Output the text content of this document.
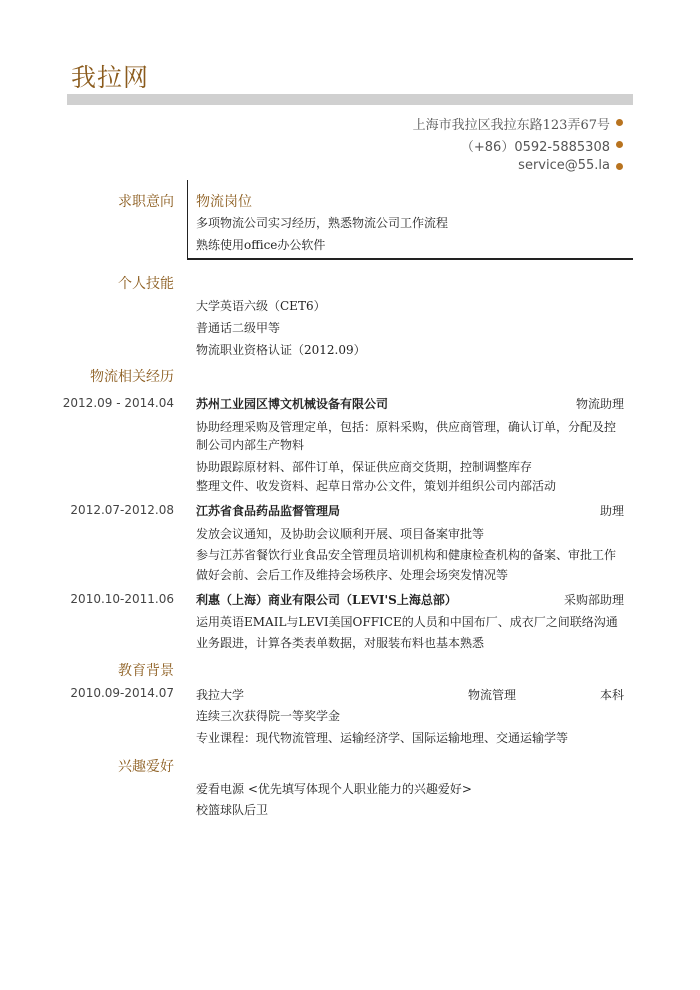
我拉网
上海市我拉区我拉东路123弄67号
（+86）0592-5885308
service@55.la
求职意向 物流岗位
多项物流公司实习经历，熟悉物流公司工作流程
熟练使用office办公软件
个人技能
大学英语六级（CET6）
普通话二级甲等
物流职业资格认证（2012.09）
物流相关经历
2012.09 - 2014.04 苏州工业园区博文机械设备有限公司	物流助理
协助经理采购及管理定单，包括：原料采购，供应商管理，确认订单，分配及控
制公司内部生产物料
协助跟踪原材料、部件订单，保证供应商交货期，控制调整库存
整理文件、收发资料、起草日常办公文件，策划并组织公司内部活动
2012.07-2012.08 江苏省食品药品监督管理局	助理
发放会议通知，及协助会议顺利开展、项目备案审批等
参与江苏省餐饮行业食品安全管理员培训机构和健康检查机构的备案、审批工作
做好会前、会后工作及维持会场秩序、处理会场突发情况等
2010.10-2011.06 利惠（上海）商业有限公司（LEVI'S上海总部）	采购部助理
运用英语EMAIL与LEVI美国OFFICE的人员和中国布厂、成衣厂之间联络沟通
业务跟进，计算各类表单数据，对服装布料也基本熟悉
教育背景
2010.09-2014.07 我拉大学	物流管理	本科
连续三次获得院一等奖学金
专业课程：现代物流管理、运输经济学、国际运输地理、交通运输学等
兴趣爱好
爱看电源 <优先填写体现个人职业能力的兴趣爱好>
校篮球队后卫
